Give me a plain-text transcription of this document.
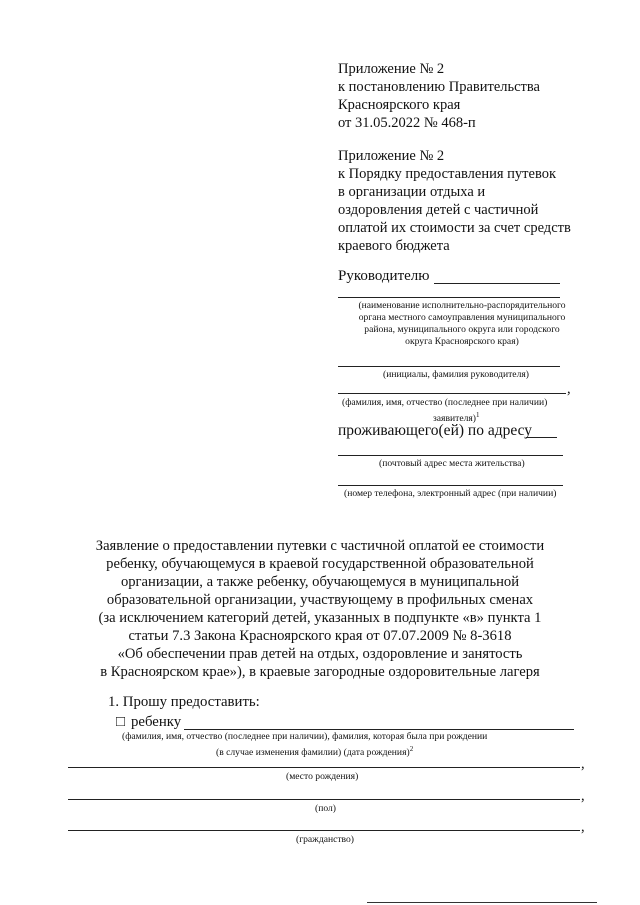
Приложение № 2
к постановлению Правительства
Красноярского края
от 31.05.2022 № 468-п
Приложение № 2
к Порядку предоставления путевок
в организации отдыха и
оздоровления детей с частичной
оплатой их стоимости за счет средств
краевого бюджета
Руководителю
(наименование исполнительно-распорядительного
органа местного самоуправления муниципального
района, муниципального округа или городского
округа Красноярского края)
(инициалы, фамилия руководителя)
,
(фамилия, имя, отчество (последнее при наличии)
заявителя)$^1$
проживающего(ей) по адресу
(почтовый адрес места жительства)
(номер телефона, электронный адрес (при наличии)
Заявление о предоставлении путевки с частичной оплатой ее стоимости
ребенку, обучающемуся в краевой государственной образовательной
организации, а также ребенку, обучающемуся в муниципальной
образовательной организации, участвующему в профильных сменах
(за исключением категорий детей, указанных в подпункте «в» пункта 1
статьи 7.3 Закона Красноярского края от 07.07.2009 № 8-3618
«Об обеспечении прав детей на отдых, оздоровление и занятость
в Красноярском крае»), в краевые загородные оздоровительные лагеря
1. Прошу предоставить:
□ ребенку
(фамилия, имя, отчество (последнее при наличии), фамилия, которая была при рождении
(в случае изменения фамилии) (дата рождения)$^2$
,
(место рождения)
,
(пол)
,
(гражданство)
